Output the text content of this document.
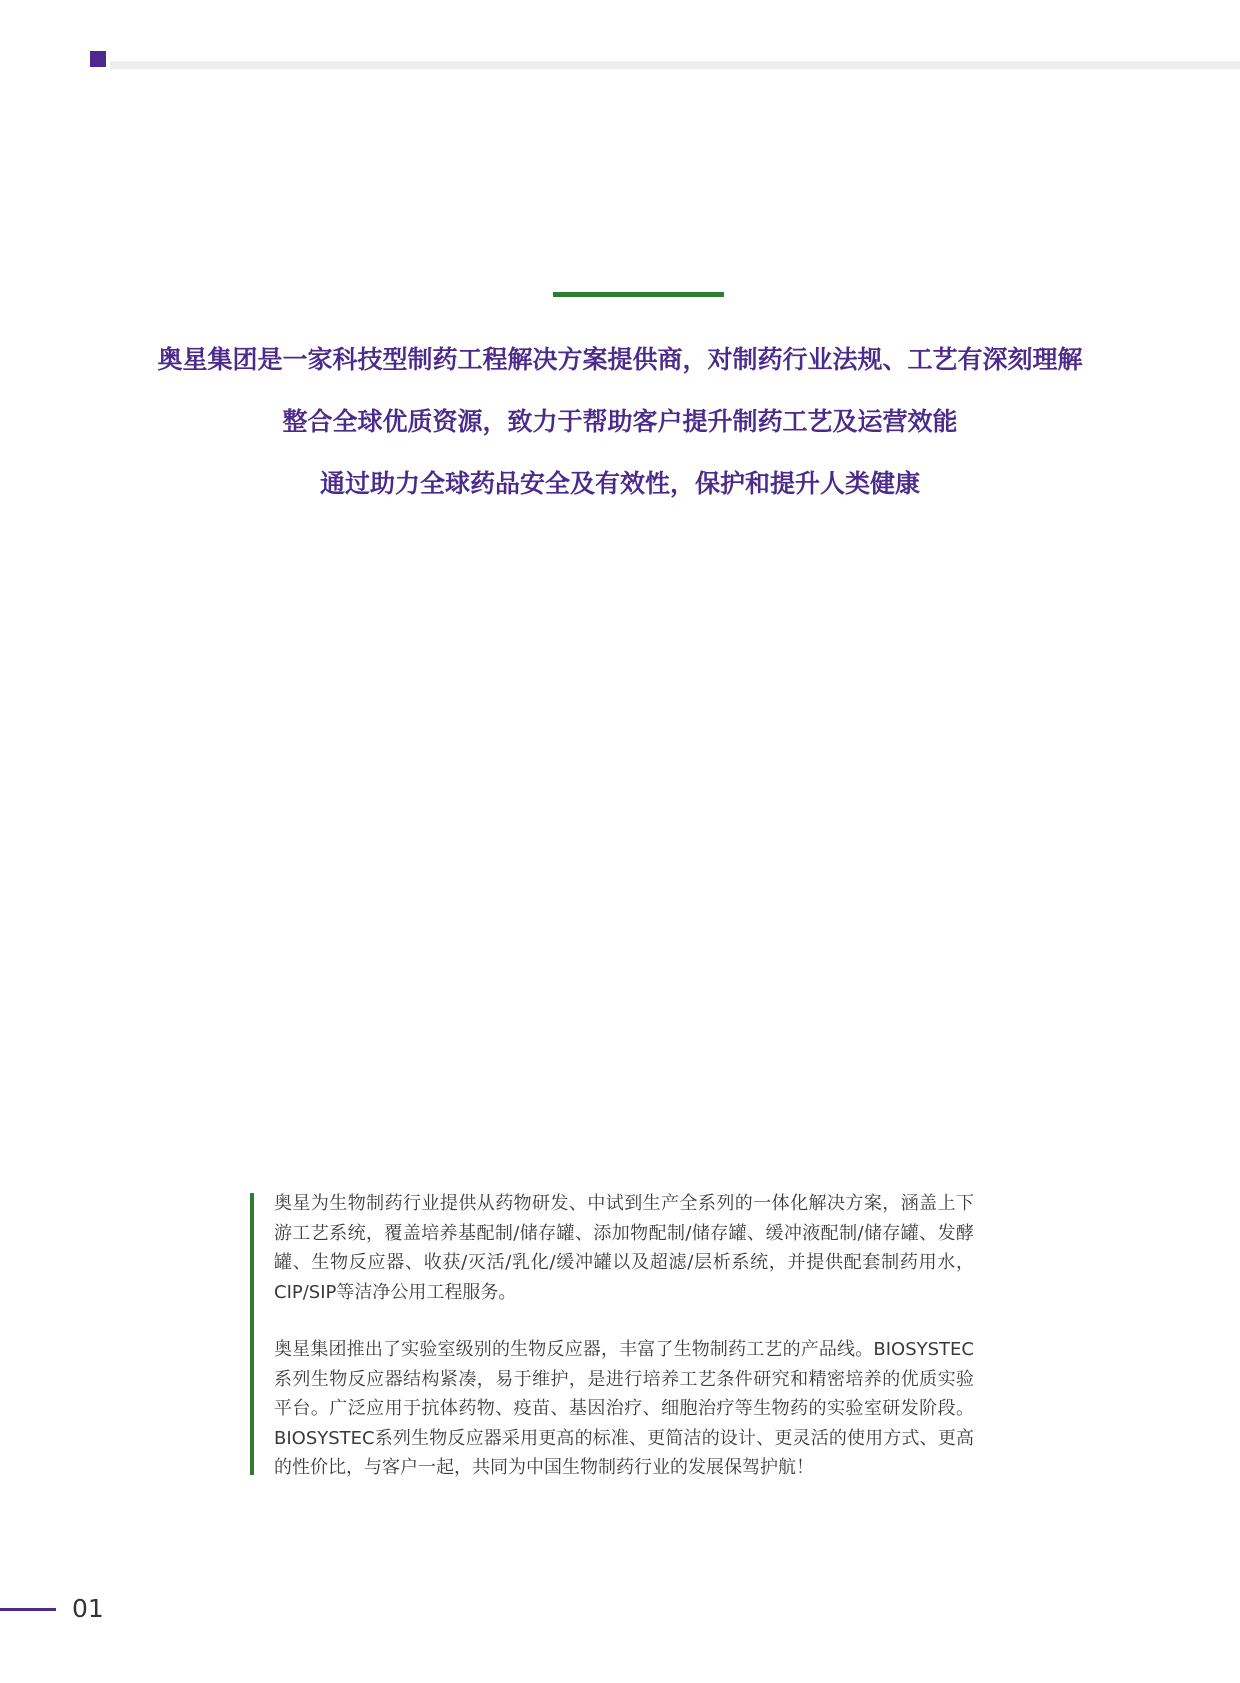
奥星集团是一家科技型制药工程解决方案提供商，对制药行业法规、工艺有深刻理解
整合全球优质资源，致力于帮助客户提升制药工艺及运营效能
通过助力全球药品安全及有效性，保护和提升人类健康

奥星为生物制药行业提供从药物研发、中试到生产全系列的一体化解决方案，涵盖上下游工艺系统，覆盖培养基配制/储存罐、添加物配制/储存罐、缓冲液配制/储存罐、发酵罐、生物反应器、收获/灭活/乳化/缓冲罐以及超滤/层析系统，并提供配套制药用水，CIP/SIP等洁净公用工程服务。

奥星集团推出了实验室级别的生物反应器，丰富了生物制药工艺的产品线。BIOSYSTEC系列生物反应器结构紧凑，易于维护，是进行培养工艺条件研究和精密培养的优质实验平台。广泛应用于抗体药物、疫苗、基因治疗、细胞治疗等生物药的实验室研发阶段。BIOSYSTEC系列生物反应器采用更高的标准、更简洁的设计、更灵活的使用方式、更高的性价比，与客户一起，共同为中国生物制药行业的发展保驾护航！

01
